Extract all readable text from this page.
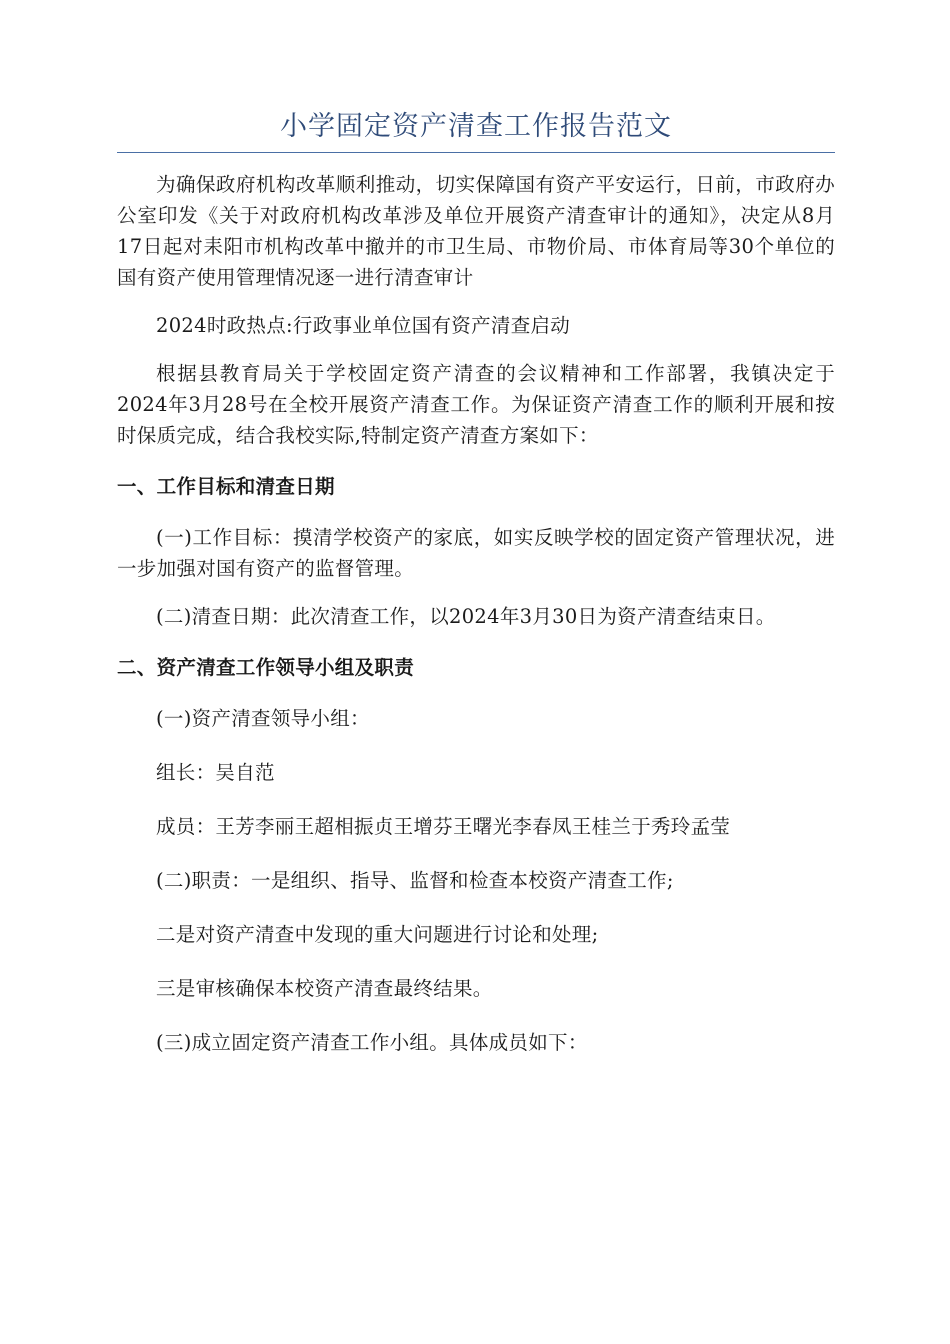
小学固定资产清查工作报告范文

为确保政府机构改革顺利推动，切实保障国有资产平安运行，日前，市政府办公室印发《关于对政府机构改革涉及单位开展资产清查审计的通知》，决定从8月17日起对耒阳市机构改革中撤并的市卫生局、市物价局、市体育局等30个单位的国有资产使用管理情况逐一进行清查审计

2024时政热点:行政事业单位国有资产清查启动

根据县教育局关于学校固定资产清查的会议精神和工作部署，我镇决定于2024年3月28号在全校开展资产清查工作。为保证资产清查工作的顺利开展和按时保质完成，结合我校实际,特制定资产清查方案如下：

一、工作目标和清查日期

(一)工作目标：摸清学校资产的家底，如实反映学校的固定资产管理状况，进一步加强对国有资产的监督管理。

(二)清查日期：此次清查工作，以2024年3月30日为资产清查结束日。

二、资产清查工作领导小组及职责
(一)资产清查领导小组：
组长：吴自范
成员：王芳李丽王超相振贞王增芬王曙光李春凤王桂兰于秀玲孟莹
(二)职责：一是组织、指导、监督和检查本校资产清查工作;
二是对资产清查中发现的重大问题进行讨论和处理;
三是审核确保本校资产清查最终结果。
(三)成立固定资产清查工作小组。具体成员如下：
